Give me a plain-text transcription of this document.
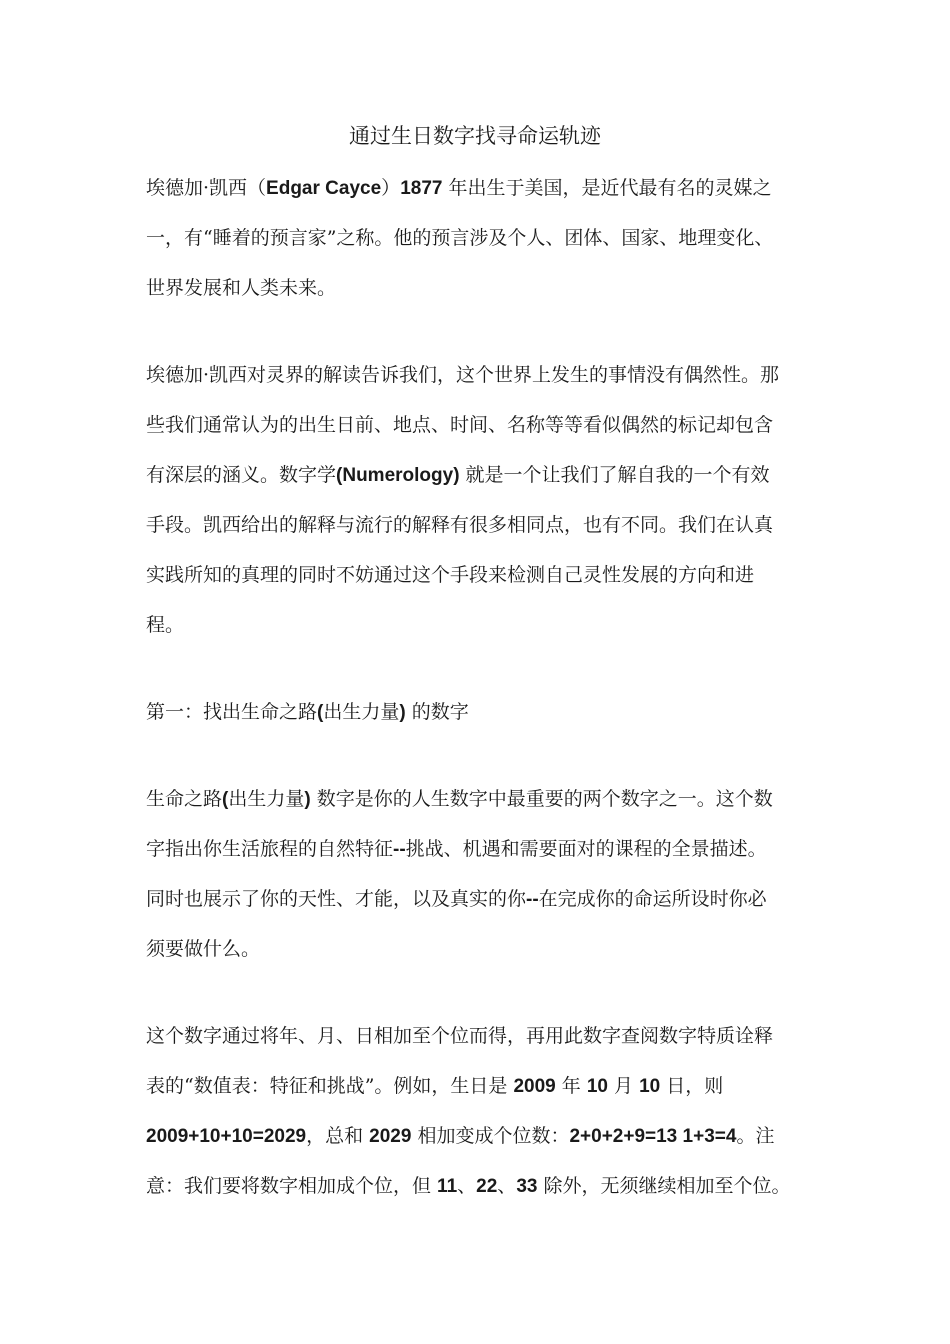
通过生日数字找寻命运轨迹
埃德加·凯西（Edgar Cayce）1877 年出生于美国，是近代最有名的灵媒之
一，有“睡着的预言家”之称。他的预言涉及个人、团体、国家、地理变化、
世界发展和人类未来。
埃德加·凯西对灵界的解读告诉我们，这个世界上发生的事情没有偶然性。那
些我们通常认为的出生日前、地点、时间、名称等等看似偶然的标记却包含
有深层的涵义。数字学(Numerology) 就是一个让我们了解自我的一个有效
手段。凯西给出的解释与流行的解释有很多相同点，也有不同。我们在认真
实践所知的真理的同时不妨通过这个手段来检测自己灵性发展的方向和进
程。
第一：找出生命之路(出生力量) 的数字
生命之路(出生力量) 数字是你的人生数字中最重要的两个数字之一。这个数
字指出你生活旅程的自然特征--挑战、机遇和需要面对的课程的全景描述。
同时也展示了你的天性、才能，以及真实的你--在完成你的命运所设时你必
须要做什么。
这个数字通过将年、月、日相加至个位而得，再用此数字查阅数字特质诠释
表的“数值表：特征和挑战”。例如，生日是 2009 年 10 月 10 日，则
2009+10+10=2029，总和 2029 相加变成个位数：2+0+2+9=13 1+3=4。注
意：我们要将数字相加成个位，但 11、22、33 除外，无须继续相加至个位。
